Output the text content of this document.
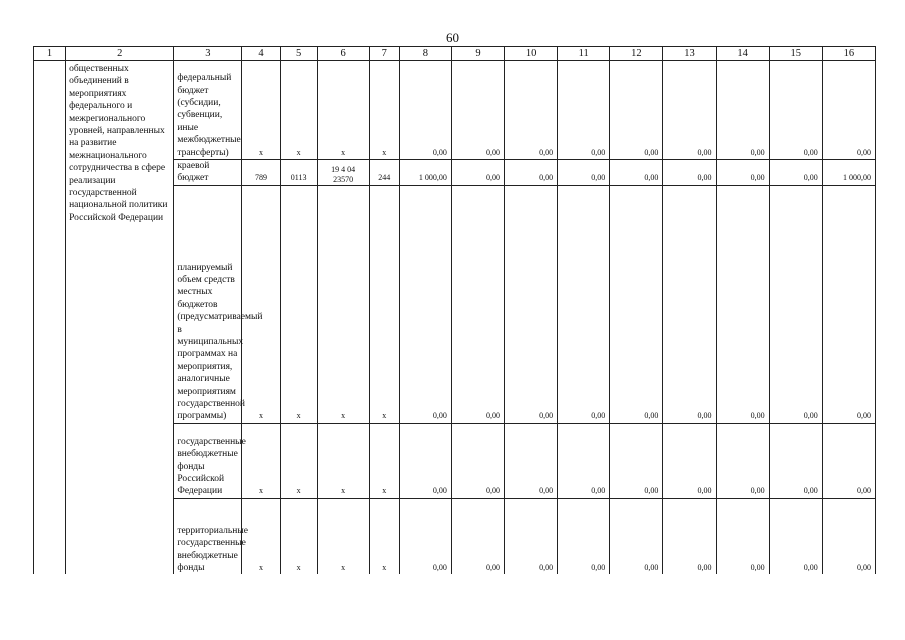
60
1	2	3	4	5	6	7	8	9	10	11	12	13	14	15	16
	общественных объединений в мероприятиях федерального и межрегионального уровней, направленных на развитие межнационального сотрудничества в сфере реализации государственной национальной политики Российской Федерации	федеральный бюджет (субсидии, субвенции, иные межбюджетные трансферты)	x	x	x	x	0,00	0,00	0,00	0,00	0,00	0,00	0,00	0,00	0,00
		краевой бюджет	789	0113	19 4 04 23570	244	1 000,00	0,00	0,00	0,00	0,00	0,00	0,00	0,00	1 000,00
		планируемый объем средств местных бюджетов (предусматриваемый в муниципальных программах на мероприятия, аналогичные мероприятиям государственной программы)	x	x	x	x	0,00	0,00	0,00	0,00	0,00	0,00	0,00	0,00	0,00
		государственные внебюджетные фонды Российской Федерации	x	x	x	x	0,00	0,00	0,00	0,00	0,00	0,00	0,00	0,00	0,00
		территориальные государственные внебюджетные фонды	x	x	x	x	0,00	0,00	0,00	0,00	0,00	0,00	0,00	0,00	0,00
